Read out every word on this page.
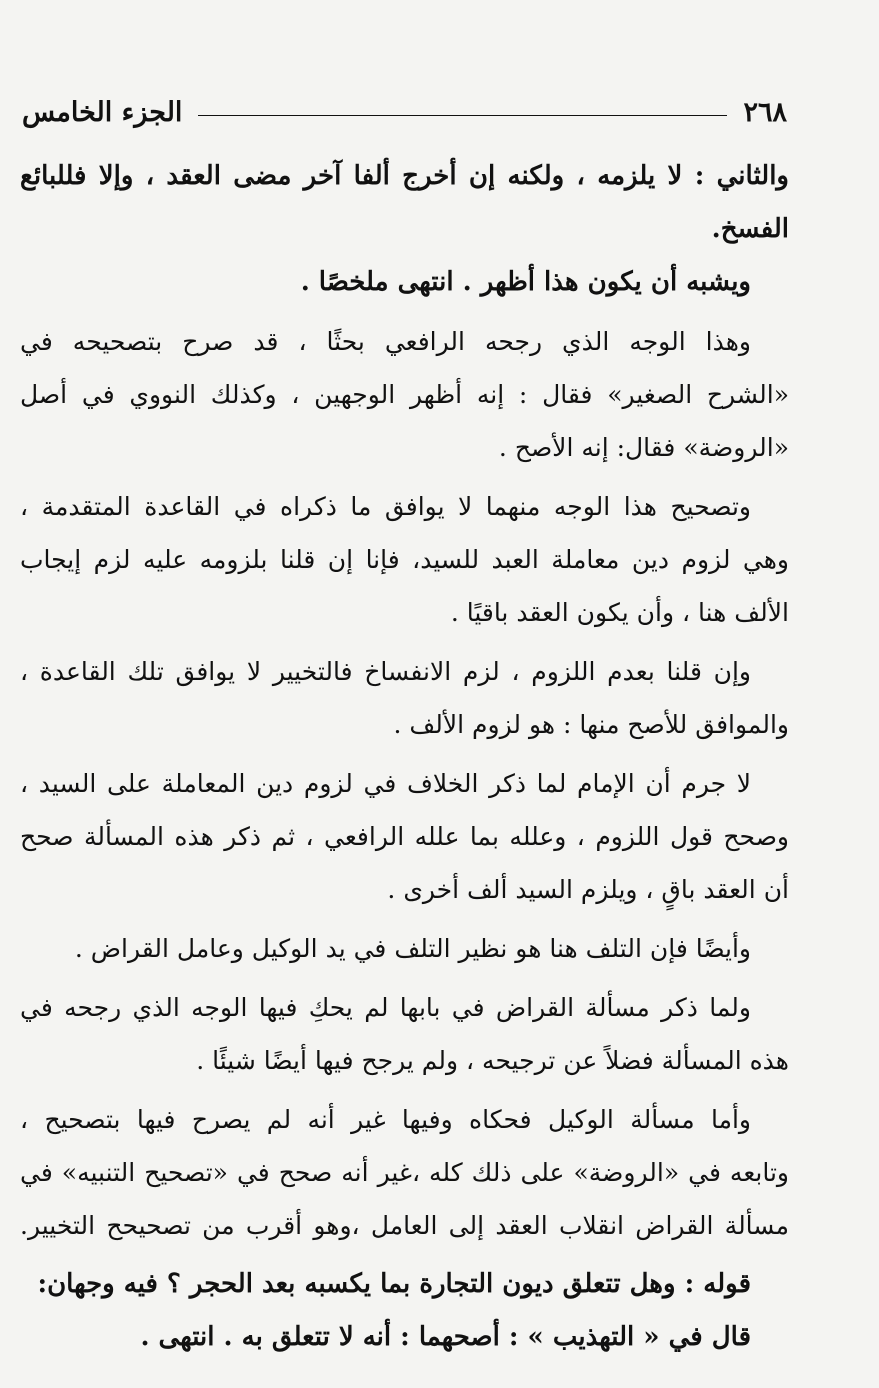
٢٦٨
الجزء الخامس
والثاني : لا يلزمه ، ولكنه إن أخرج ألفا آخر مضى العقد ، وإلا فللبائع
الفسخ.
ويشبه أن يكون هذا أظهر . انتهى ملخصًا .
وهذا الوجه الذي رجحه الرافعي بحثًا ، قد صرح بتصحيحه في
«الشرح الصغير» فقال : إنه أظهر الوجهين ، وكذلك النووي في أصل
«الروضة» فقال: إنه الأصح .
وتصحيح هذا الوجه منهما لا يوافق ما ذكراه في القاعدة المتقدمة ،
وهي لزوم دين معاملة العبد للسيد، فإنا إن قلنا بلزومه عليه لزم إيجاب
الألف هنا ، وأن يكون العقد باقيًا .
وإن قلنا بعدم اللزوم ، لزم الانفساخ فالتخيير لا يوافق تلك القاعدة ،
والموافق للأصح منها : هو لزوم الألف .
لا جرم أن الإمام لما ذكر الخلاف في لزوم دين المعاملة على السيد ،
وصحح قول اللزوم ، وعلله بما علله الرافعي ، ثم ذكر هذه المسألة صحح
أن العقد باقٍ ، ويلزم السيد ألف أخرى .
وأيضًا فإن التلف هنا هو نظير التلف في يد الوكيل وعامل القراض .
ولما ذكر مسألة القراض في بابها لم يحكِ فيها الوجه الذي رجحه في
هذه المسألة فضلاً عن ترجيحه ، ولم يرجح فيها أيضًا شيئًا .
وأما مسألة الوكيل فحكاه وفيها غير أنه لم يصرح فيها بتصحيح ،
وتابعه في «الروضة» على ذلك كله ،غير أنه صحح في «تصحيح التنبيه» في
مسألة القراض انقلاب العقد إلى العامل ،وهو أقرب من تصحيحح التخيير.
قوله : وهل تتعلق ديون التجارة بما يكسبه بعد الحجر ؟ فيه وجهان:
قال في « التهذيب » : أصحهما : أنه لا تتعلق به . انتهى .
